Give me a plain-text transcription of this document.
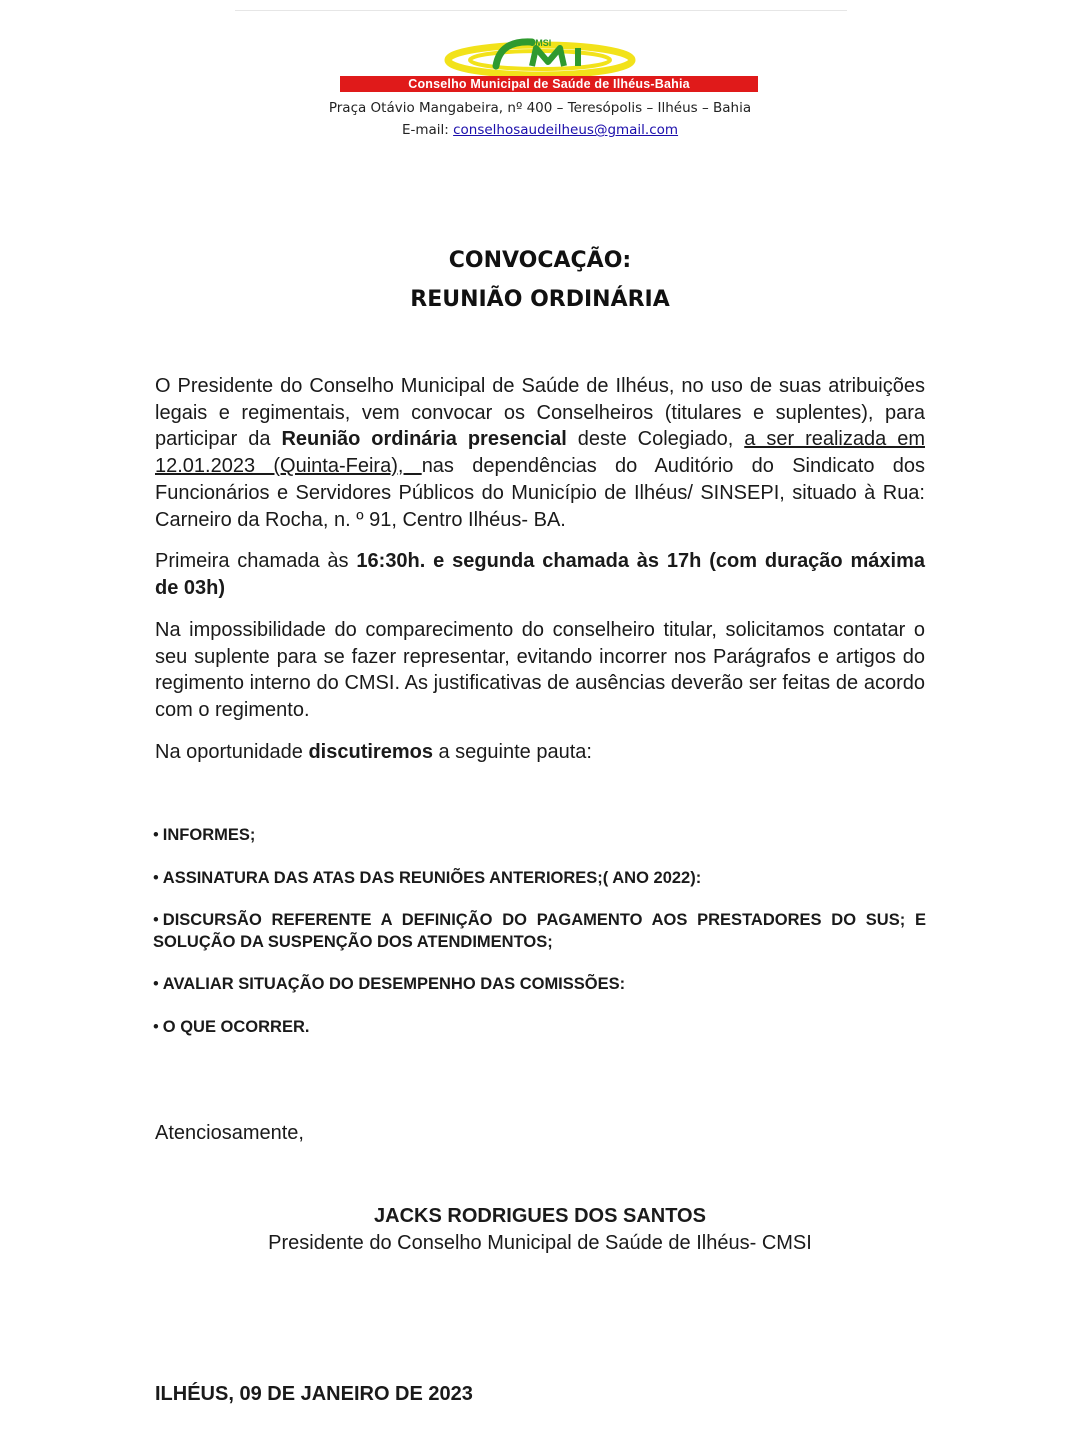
CMSI
Conselho Municipal de Saúde de Ilhéus-Bahia
Praça Otávio Mangabeira, nº 400 – Teresópolis – Ilhéus – Bahia
E-mail: conselhosaudeilheus@gmail.com
CONVOCAÇÃO:
REUNIÃO ORDINÁRIA
O Presidente do Conselho Municipal de Saúde de Ilhéus, no uso de suas atribuições legais e regimentais, vem convocar os Conselheiros (titulares e suplentes), para participar da Reunião ordinária presencial deste Colegiado, a ser realizada em 12.01.2023 (Quinta-Feira), nas dependências do Auditório do Sindicato dos Funcionários e Servidores Públicos do Município de Ilhéus/ SINSEPI, situado à Rua: Carneiro da Rocha, n. º 91, Centro Ilhéus- BA.
Primeira chamada às 16:30h. e segunda chamada às 17h (com duração máxima de 03h)
Na impossibilidade do comparecimento do conselheiro titular, solicitamos contatar o seu suplente para se fazer representar, evitando incorrer nos Parágrafos e artigos do regimento interno do CMSI. As justificativas de ausências deverão ser feitas de acordo com o regimento.
Na oportunidade discutiremos a seguinte pauta:
• INFORMES;
• ASSINATURA DAS ATAS DAS REUNIÕES ANTERIORES;( ANO 2022):
• DISCURSÃO REFERENTE A DEFINIÇÃO DO PAGAMENTO AOS PRESTADORES DO SUS; E SOLUÇÃO DA SUSPENÇÃO DOS ATENDIMENTOS;
• AVALIAR SITUAÇÃO DO DESEMPENHO DAS COMISSÕES:
• O QUE OCORRER.
Atenciosamente,
JACKS RODRIGUES DOS SANTOS
Presidente do Conselho Municipal de Saúde de Ilhéus- CMSI
ILHÉUS, 09 DE JANEIRO DE 2023
